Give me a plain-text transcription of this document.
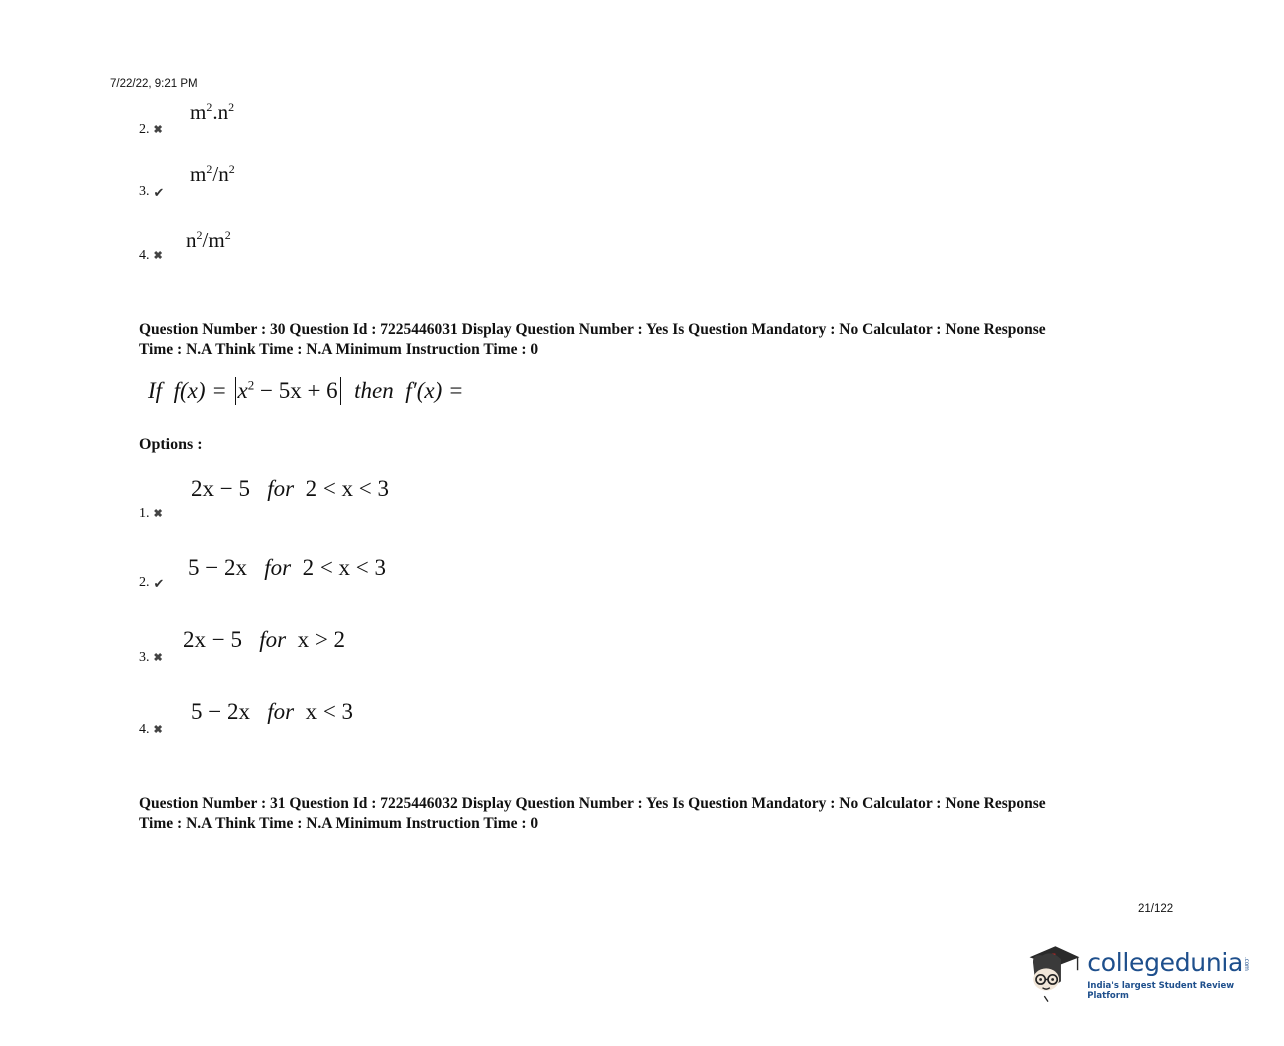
7/22/22, 9:21 PM
2. ✖
$m^2.n^2$
3. ✔
$m^2/n^2$
4. ✖
$n^2/m^2$
Question Number : 30 Question Id : 7225446031 Display Question Number : Yes Is Question Mandatory : No Calculator : None Response
Time : N.A Think Time : N.A Minimum Instruction Time : 0
If $f(x) = x^2 - 5x + 6$ then f′(x) =
Options :
2x − 5 for 2 < x < 3
1. ✖
5 − 2x for 2 < x < 3
2. ✔
2x − 5 for x > 2
3. ✖
5 − 2x for x < 3
4. ✖
Question Number : 31 Question Id : 7225446032 Display Question Number : Yes Is Question Mandatory : No Calculator : None Response
Time : N.A Think Time : N.A Minimum Instruction Time : 0
21/122
collegedunia.com
India's largest Student Review Platform
